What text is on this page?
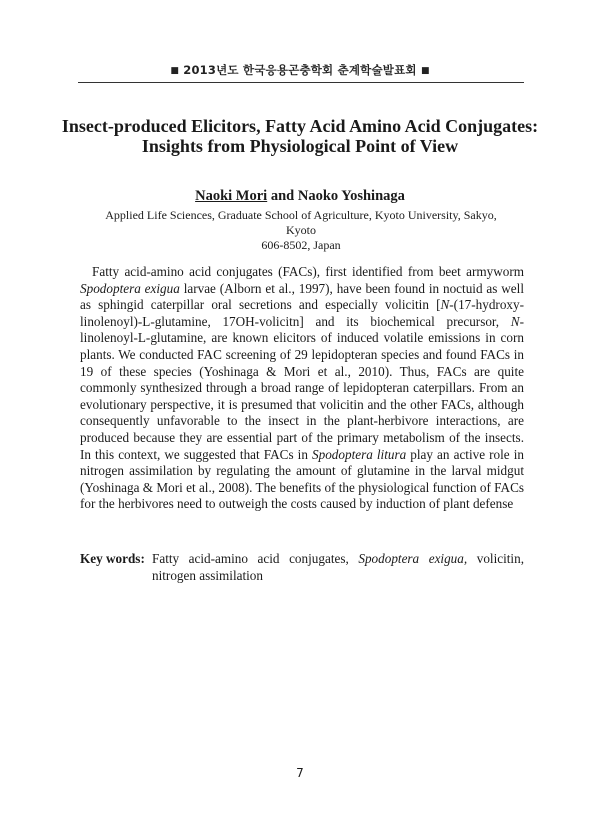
■ 2013년도 한국응용곤충학회 춘계학술발표회 ■
Insect-produced Elicitors, Fatty Acid Amino Acid Conjugates:
Insights from Physiological Point of View
Naoki Mori and Naoko Yoshinaga
Applied Life Sciences, Graduate School of Agriculture, Kyoto University, Sakyo, Kyoto
606-8502, Japan

Fatty acid-amino acid conjugates (FACs), first identified from beet armyworm Spodoptera exigua larvae (Alborn et al., 1997), have been found in noctuid as well as sphingid caterpillar oral secretions and especially volicitin [N-(17-hydroxy-linolenoyl)-L-glutamine, 17OH-volicitn] and its biochemical precursor, N-linolenoyl-L-glutamine, are known elicitors of induced volatile emissions in corn plants. We conducted FAC screening of 29 lepidopteran species and found FACs in 19 of these species (Yoshinaga & Mori et al., 2010). Thus, FACs are quite commonly synthesized through a broad range of lepidopteran caterpillars. From an evolutionary perspective, it is presumed that volicitin and the other FACs, although consequently unfavorable to the insect in the plant-herbivore interactions, are produced because they are essential part of the primary metabolism of the insects. In this context, we suggested that FACs in Spodoptera litura play an active role in nitrogen assimilation by regulating the amount of glutamine in the larval midgut (Yoshinaga & Mori et al., 2008). The benefits of the physiological function of FACs for the herbivores need to outweigh the costs caused by induction of plant defense

Key words: Fatty acid-amino acid conjugates, Spodoptera exigua, volicitin, nitrogen assimilation
7
